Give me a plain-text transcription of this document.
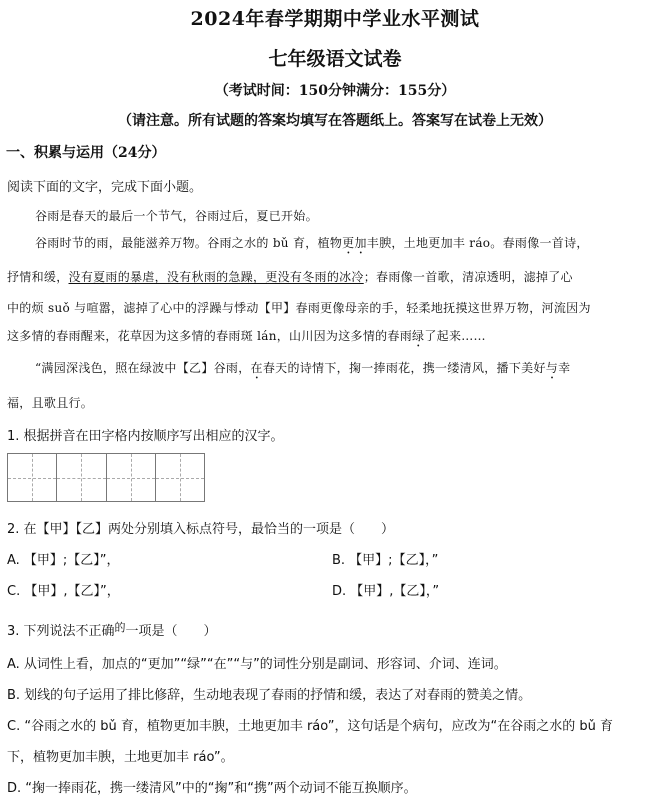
2024年春学期期中学业水平测试
七年级语文试卷
（考试时间：150分钟满分：155分）
（请注意。所有试题的答案均填写在答题纸上。答案写在试卷上无效）
一、积累与运用（24分）
阅读下面的文字，完成下面小题。
谷雨是春天的最后一个节气，谷雨过后，夏已开始。
谷雨时节的雨，最能滋养万物。谷雨之水的 bǔ 育，植物更加丰腴，土地更加丰 ráo。春雨像一首诗，
抒情和缓，没有夏雨的暴虐，没有秋雨的急躁，更没有冬雨的冰冷；春雨像一首歌，清凉透明，滤掉了心
中的烦 suǒ 与喧嚣，滤掉了心中的浮躁与悸动【甲】春雨更像母亲的手，轻柔地抚摸这世界万物，河流因为
这多情的春雨醒来，花草因为这多情的春雨斑 lán，山川因为这多情的春雨绿了起来……
“满园深浅色，照在绿波中【乙】谷雨，在春天的诗情下，掬一捧雨花，携一缕清风，播下美好与幸
福，且歌且行。
1. 根据拼音在田字格内按顺序写出相应的汉字。
2. 在【甲】【乙】两处分别填入标点符号，最恰当的一项是（　　）
A. 【甲】;【乙】”，	B. 【甲】;【乙】，”
C. 【甲】,【乙】”，	D. 【甲】,【乙】，”
3. 下列说法不正确$^的$一项是（　　）
A. 从词性上看，加点的“更加”“绿”“在”“与”的词性分别是副词、形容词、介词、连词。
B. 划线的句子运用了排比修辞，生动地表现了春雨的抒情和缓，表达了对春雨的赞美之情。
C. “谷雨之水的 bǔ 育，植物更加丰腴，土地更加丰 ráo”，这句话是个病句，应改为“在谷雨之水的 bǔ 育
下，植物更加丰腴，土地更加丰 ráo”。
D. “掬一捧雨花，携一缕清风”中的“掬”和“携”两个动词不能互换顺序。
